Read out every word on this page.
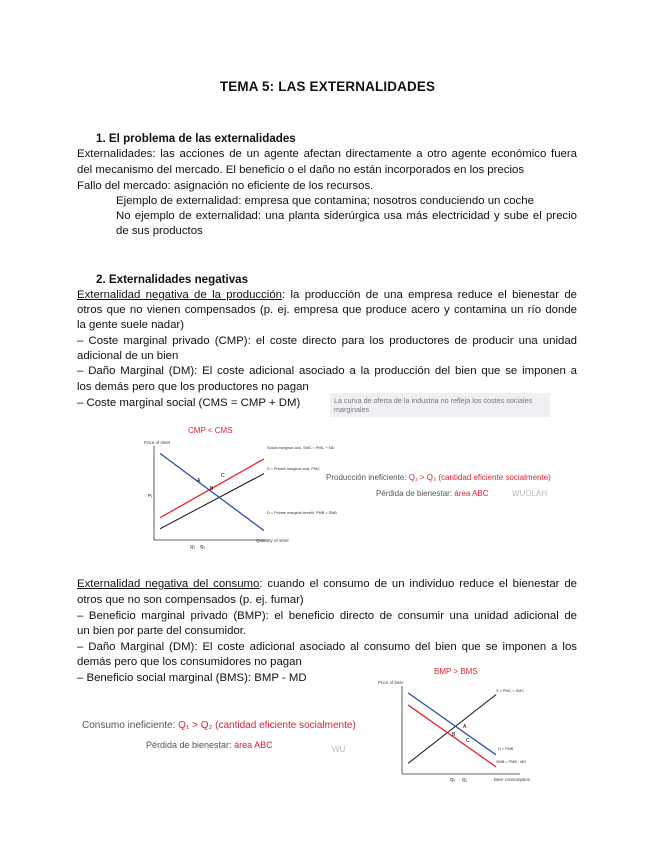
TEMA 5: LAS EXTERNALIDADES
1. El problema de las externalidades
Externalidades: las acciones de un agente afectan directamente a otro agente económico fuera
del mecanismo del mercado. El beneficio o el daño no están incorporados en los precios
Fallo del mercado: asignación no eficiente de los recursos.
Ejemplo de externalidad: empresa que contamina; nosotros conduciendo un coche
No ejemplo de externalidad: una planta siderúrgica usa más electricidad y sube el precio
de sus productos
2. Externalidades negativas
Externalidad negativa de la producción: la producción de una empresa reduce el bienestar de
otros que no vienen compensados (p. ej. empresa que produce acero y contamina un río donde
la gente suele nadar)
– Coste marginal privado (CMP): el coste directo para los productores de producir una unidad
adicional de un bien
– Daño Marginal (DM): El coste adicional asociado a la producción del bien que se imponen a
los demás pero que los productores no pagan
– Coste marginal social (CMS = CMP + DM)	La curva de oferta de la industria no refleja los costes sociales marginales
CMP < CMS
Price of steel
Quantity of steel
Social marginal cost, SMC = PMC + MD
S = Private marginal cost, PMC
D = Private marginal benefit, PMB = SMB
A
B
C
Q₂ Q₁
P₁
Producción ineficiente: Q₁ > Q₂ (cantidad eficiente socialmente)
Pérdida de bienestar: área ABC	WUOLAH
Externalidad negativa del consumo: cuando el consumo de un individuo reduce el bienestar de
otros que no son compensados (p. ej. fumar)
– Beneficio marginal privado (BMP): el beneficio directo de consumir una unidad adicional de
un bien por parte del consumidor.
– Daño Marginal (DM): El coste adicional asociado al consumo del bien que se imponen a los
demás pero que los consumidores no pagan
– Beneficio social marginal (BMS): BMP - MD
Consumo ineficiente: Q₁ > Q₂ (cantidad eficiente socialmente)
Pérdida de bienestar: área ABC	WU
BMP > BMS
Price of beer
Beer consumption
S = PMC = SMC
D = PMB
SMB = PMB - MD
A
B
C
Q₂ Q₁
